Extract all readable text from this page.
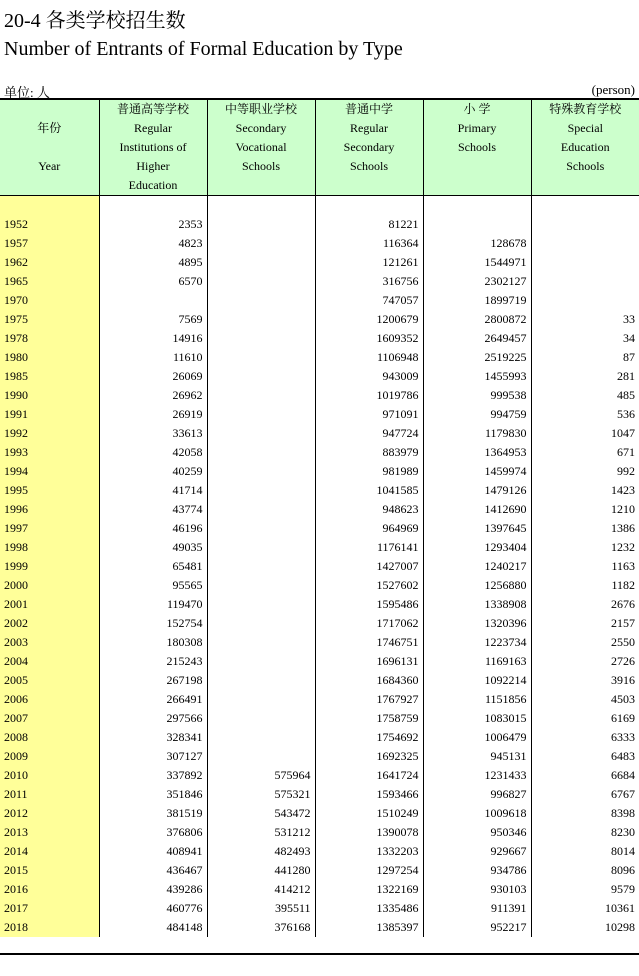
20-4 各类学校招生数
Number of Entrants of Formal Education by Type
单位: 人	(person)
年份

Year	普通高等学校
Regular
Institutions of
Higher
Education	中等职业学校
Secondary
Vocational
Schools	普通中学
Regular
Secondary
Schools	小 学
Primary
Schools	特殊教育学校
Special
Education
Schools

1952	2353		81221		
1957	4823		116364	128678	
1962	4895		121261	1544971	
1965	6570		316756	2302127	
1970			747057	1899719	
1975	7569		1200679	2800872	33
1978	14916		1609352	2649457	34
1980	11610		1106948	2519225	87
1985	26069		943009	1455993	281
1990	26962		1019786	999538	485
1991	26919		971091	994759	536
1992	33613		947724	1179830	1047
1993	42058		883979	1364953	671
1994	40259		981989	1459974	992
1995	41714		1041585	1479126	1423
1996	43774		948623	1412690	1210
1997	46196		964969	1397645	1386
1998	49035		1176141	1293404	1232
1999	65481		1427007	1240217	1163
2000	95565		1527602	1256880	1182
2001	119470		1595486	1338908	2676
2002	152754		1717062	1320396	2157
2003	180308		1746751	1223734	2550
2004	215243		1696131	1169163	2726
2005	267198		1684360	1092214	3916
2006	266491		1767927	1151856	4503
2007	297566		1758759	1083015	6169
2008	328341		1754692	1006479	6333
2009	307127		1692325	945131	6483
2010	337892	575964	1641724	1231433	6684
2011	351846	575321	1593466	996827	6767
2012	381519	543472	1510249	1009618	8398
2013	376806	531212	1390078	950346	8230
2014	408941	482493	1332203	929667	8014
2015	436467	441280	1297254	934786	8096
2016	439286	414212	1322169	930103	9579
2017	460776	395511	1335486	911391	10361
2018	484148	376168	1385397	952217	10298
